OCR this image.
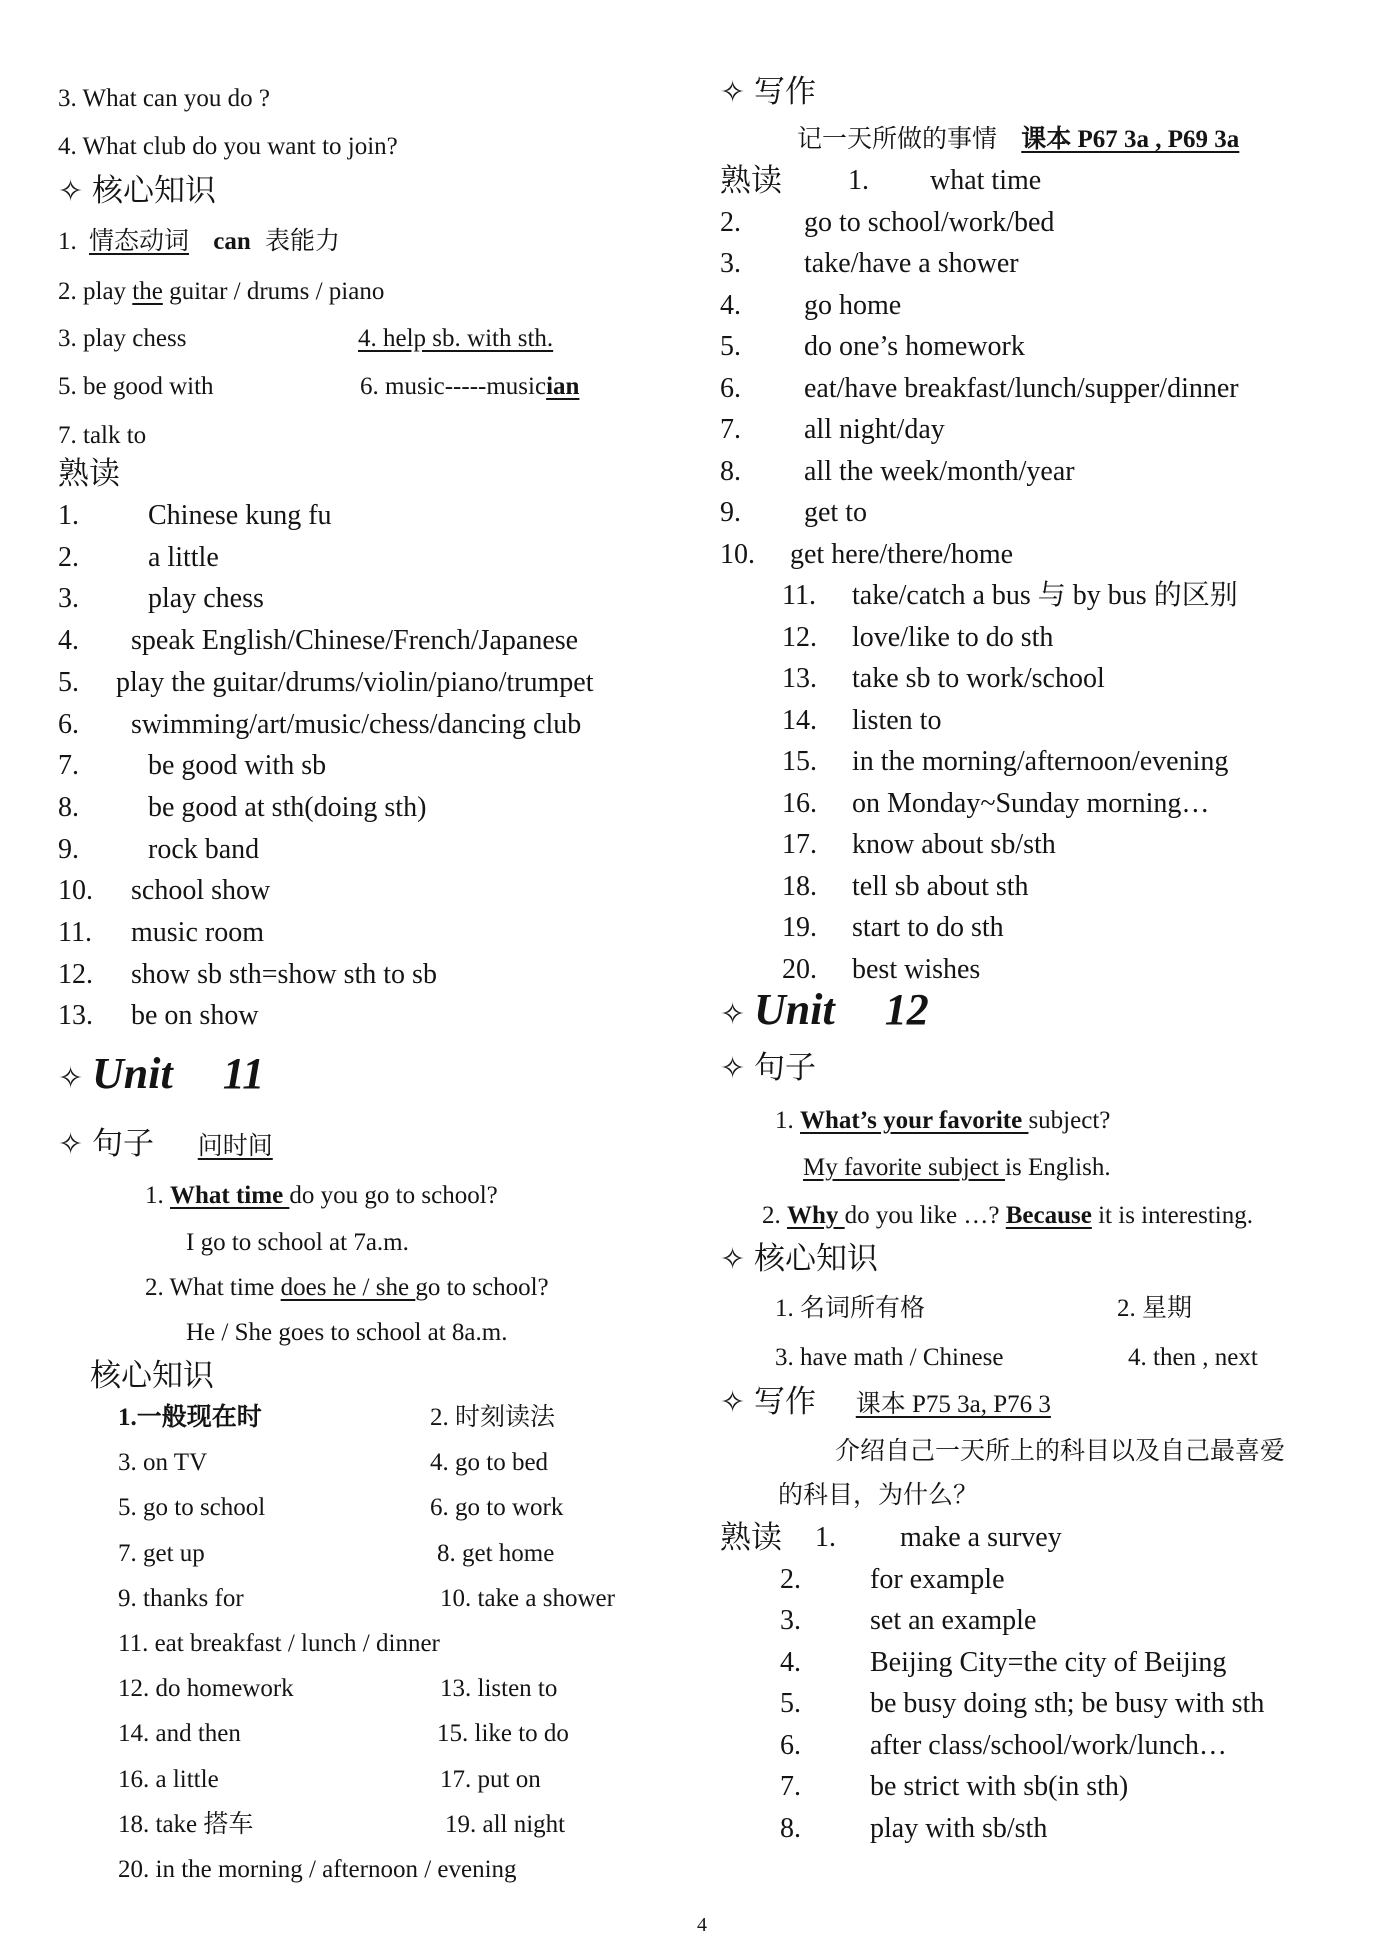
3. What can you do ?
4. What club do you want to join?
✧ 核心知识
1. 情态动词 can 表能力
2. play the guitar / drums / piano
3. play chess	4. help sb. with sth.
5. be good with	6. music-----musician
7. talk to
熟读
1. Chinese kung fu
2. a little
3. play chess
4. speak English/Chinese/French/Japanese
5. play the guitar/drums/violin/piano/trumpet
6. swimming/art/music/chess/dancing club
7. be good with sb
8. be good at sth(doing sth)
9. rock band
10. school show
11. music room
12. show sb sth=show sth to sb
13. be on show
✧ Unit 11
✧ 句子 问时间
1. What time do you go to school?
I go to school at 7a.m.
2. What time does he / she go to school?
He / She goes to school at 8a.m.
核心知识
1.一般现在时	2. 时刻读法
3. on TV	4. go to bed
5. go to school	6. go to work
7. get up	8. get home
9. thanks for	10. take a shower
11. eat breakfast / lunch / dinner
12. do homework	13. listen to
14. and then	15. like to do
16. a little	17. put on
18. take 搭车	19. all night
20. in the morning / afternoon / evening
✧ 写作
记一天所做的事情 课本 P67 3a , P69 3a
熟读 1. what time
2. go to school/work/bed
3. take/have a shower
4. go home
5. do one’s homework
6. eat/have breakfast/lunch/supper/dinner
7. all night/day
8. all the week/month/year
9. get to
10. get here/there/home
11. take/catch a bus 与 by bus 的区别
12. love/like to do sth
13. take sb to work/school
14. listen to
15. in the morning/afternoon/evening
16. on Monday~Sunday morning…
17. know about sb/sth
18. tell sb about sth
19. start to do sth
20. best wishes
✧ Unit 12
✧ 句子
1. What’s your favorite subject?
My favorite subject is English.
2. Why do you like …? Because it is interesting.
✧ 核心知识
1. 名词所有格	2. 星期
3. have math / Chinese	4. then , next
✧ 写作 课本 P75 3a, P76 3
介绍自己一天所上的科目以及自己最喜爱
的科目，为什么？
熟读 1. make a survey
2. for example
3. set an example
4. Beijing City=the city of Beijing
5. be busy doing sth; be busy with sth
6. after class/school/work/lunch…
7. be strict with sb(in sth)
8. play with sb/sth
4
